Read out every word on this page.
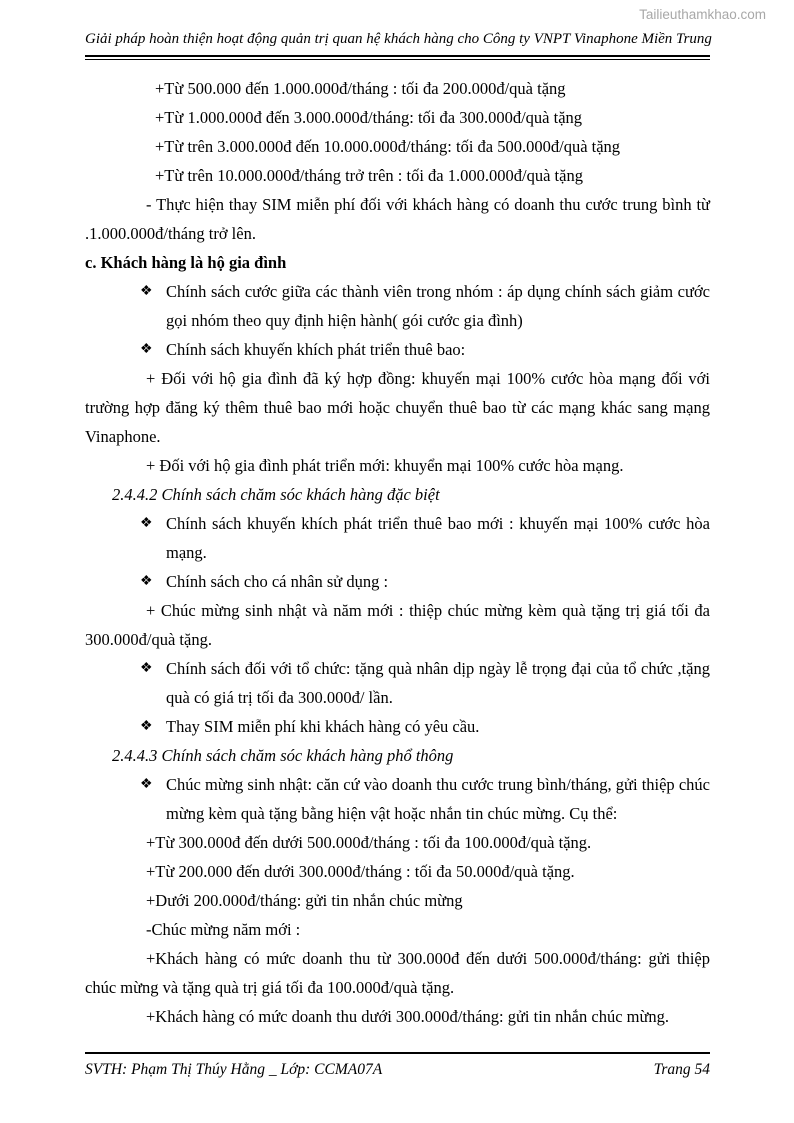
Tailieuthamkhao.com
Giải pháp hoàn thiện hoạt động quản trị quan hệ khách hàng cho Công ty VNPT Vinaphone Miền Trung

+Từ 500.000 đến 1.000.000đ/tháng : tối đa 200.000đ/quà tặng

+Từ 1.000.000đ đến 3.000.000đ/tháng: tối đa 300.000đ/quà tặng

+Từ trên 3.000.000đ đến 10.000.000đ/tháng: tối đa 500.000đ/quà tặng

+Từ trên 10.000.000đ/tháng trở trên : tối đa 1.000.000đ/quà tặng

- Thực hiện thay SIM miễn phí đối với khách hàng có doanh thu cước trung bình từ .1.000.000đ/tháng trở lên.

c. Khách hàng là hộ gia đình

❖ Chính sách cước giữa các thành viên trong nhóm : áp dụng chính sách giảm cước gọi nhóm theo quy định hiện hành( gói cước gia đình)
❖ Chính sách khuyến khích phát triển thuê bao:

+ Đối với hộ gia đình đã ký hợp đồng: khuyến mại 100% cước hòa mạng đối với trường hợp đăng ký thêm thuê bao mới hoặc chuyển thuê bao từ các mạng khác sang mạng Vinaphone.

+ Đối với hộ gia đình phát triển mới: khuyển mại 100% cước hòa mạng.

2.4.4.2 Chính sách chăm sóc khách hàng đặc biệt

❖ Chính sách khuyến khích phát triển thuê bao mới : khuyến mại 100% cước hòa mạng.
❖ Chính sách cho cá nhân sử dụng :

+ Chúc mừng sinh nhật và năm mới : thiệp chúc mừng kèm quà tặng trị giá tối đa 300.000đ/quà tặng.

❖ Chính sách đối với tổ chức: tặng quà nhân dịp ngày lễ trọng đại của tổ chức ,tặng quà có giá trị tối đa 300.000đ/ lần.
❖ Thay SIM miễn phí khi khách hàng có yêu cầu.

2.4.4.3 Chính sách chăm sóc khách hàng phổ thông

❖ Chúc mừng sinh nhật: căn cứ vào doanh thu cước trung bình/tháng, gửi thiệp chúc mừng kèm quà tặng bằng hiện vật hoặc nhắn tin chúc mừng. Cụ thể:

+Từ 300.000đ đến dưới 500.000đ/tháng : tối đa 100.000đ/quà tặng.

+Từ 200.000 đến dưới 300.000đ/tháng : tối đa 50.000đ/quà tặng.

+Dưới 200.000đ/tháng: gửi tin nhắn chúc mừng

-Chúc mừng năm mới :

+Khách hàng có mức doanh thu từ 300.000đ đến dưới 500.000đ/tháng: gửi thiệp chúc mừng và tặng quà trị giá tối đa 100.000đ/quà tặng.

+Khách hàng có mức doanh thu dưới 300.000đ/tháng: gửi tin nhắn chúc mừng.

SVTH: Phạm Thị Thúy Hằng _ Lớp: CCMA07A	Trang 54
